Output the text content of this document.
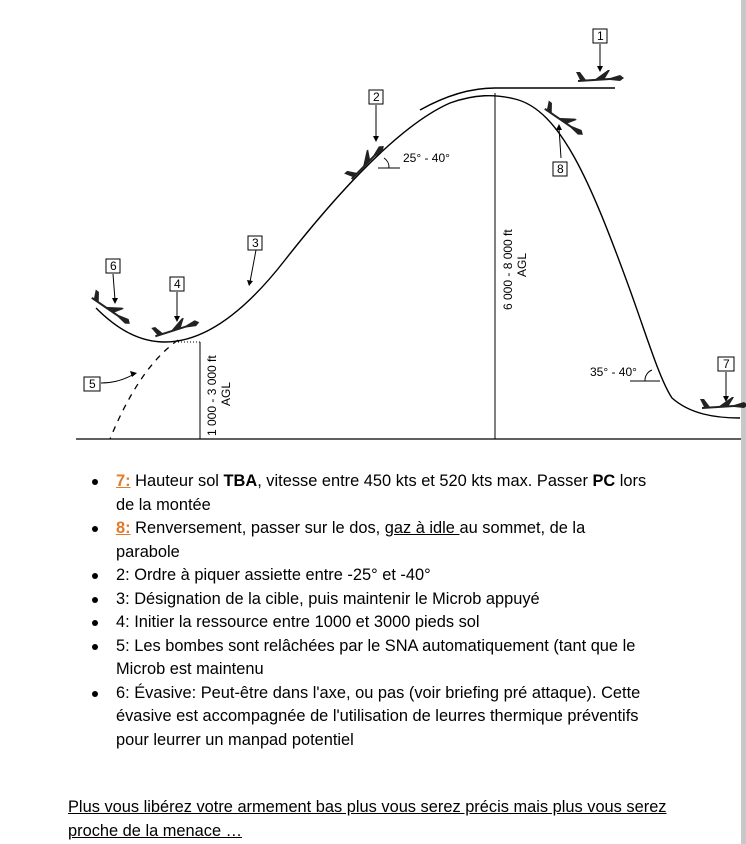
25° - 40°
35° - 40°
6 000 - 8 000 ft AGL
1 000 - 3 000 ft AGL
1
2
3
4
5
6
7
8
7: Hauteur sol TBA, vitesse entre 450 kts et 520 kts max. Passer PC lors de la montée
8: Renversement, passer sur le dos, gaz à idle au sommet, de la parabole
2: Ordre à piquer assiette entre -25° et -40°
3: Désignation de la cible, puis maintenir le Microb appuyé
4: Initier la ressource entre 1000 et 3000 pieds sol
5: Les bombes sont relâchées par le SNA automatiquement (tant que le Microb est maintenu
6: Évasive: Peut-être dans l'axe, ou pas (voir briefing pré attaque). Cette évasive est accompagnée de l'utilisation de leurres thermique préventifs pour leurrer un manpad potentiel
Plus vous libérez votre armement bas plus vous serez précis mais plus vous serez proche de la menace …
